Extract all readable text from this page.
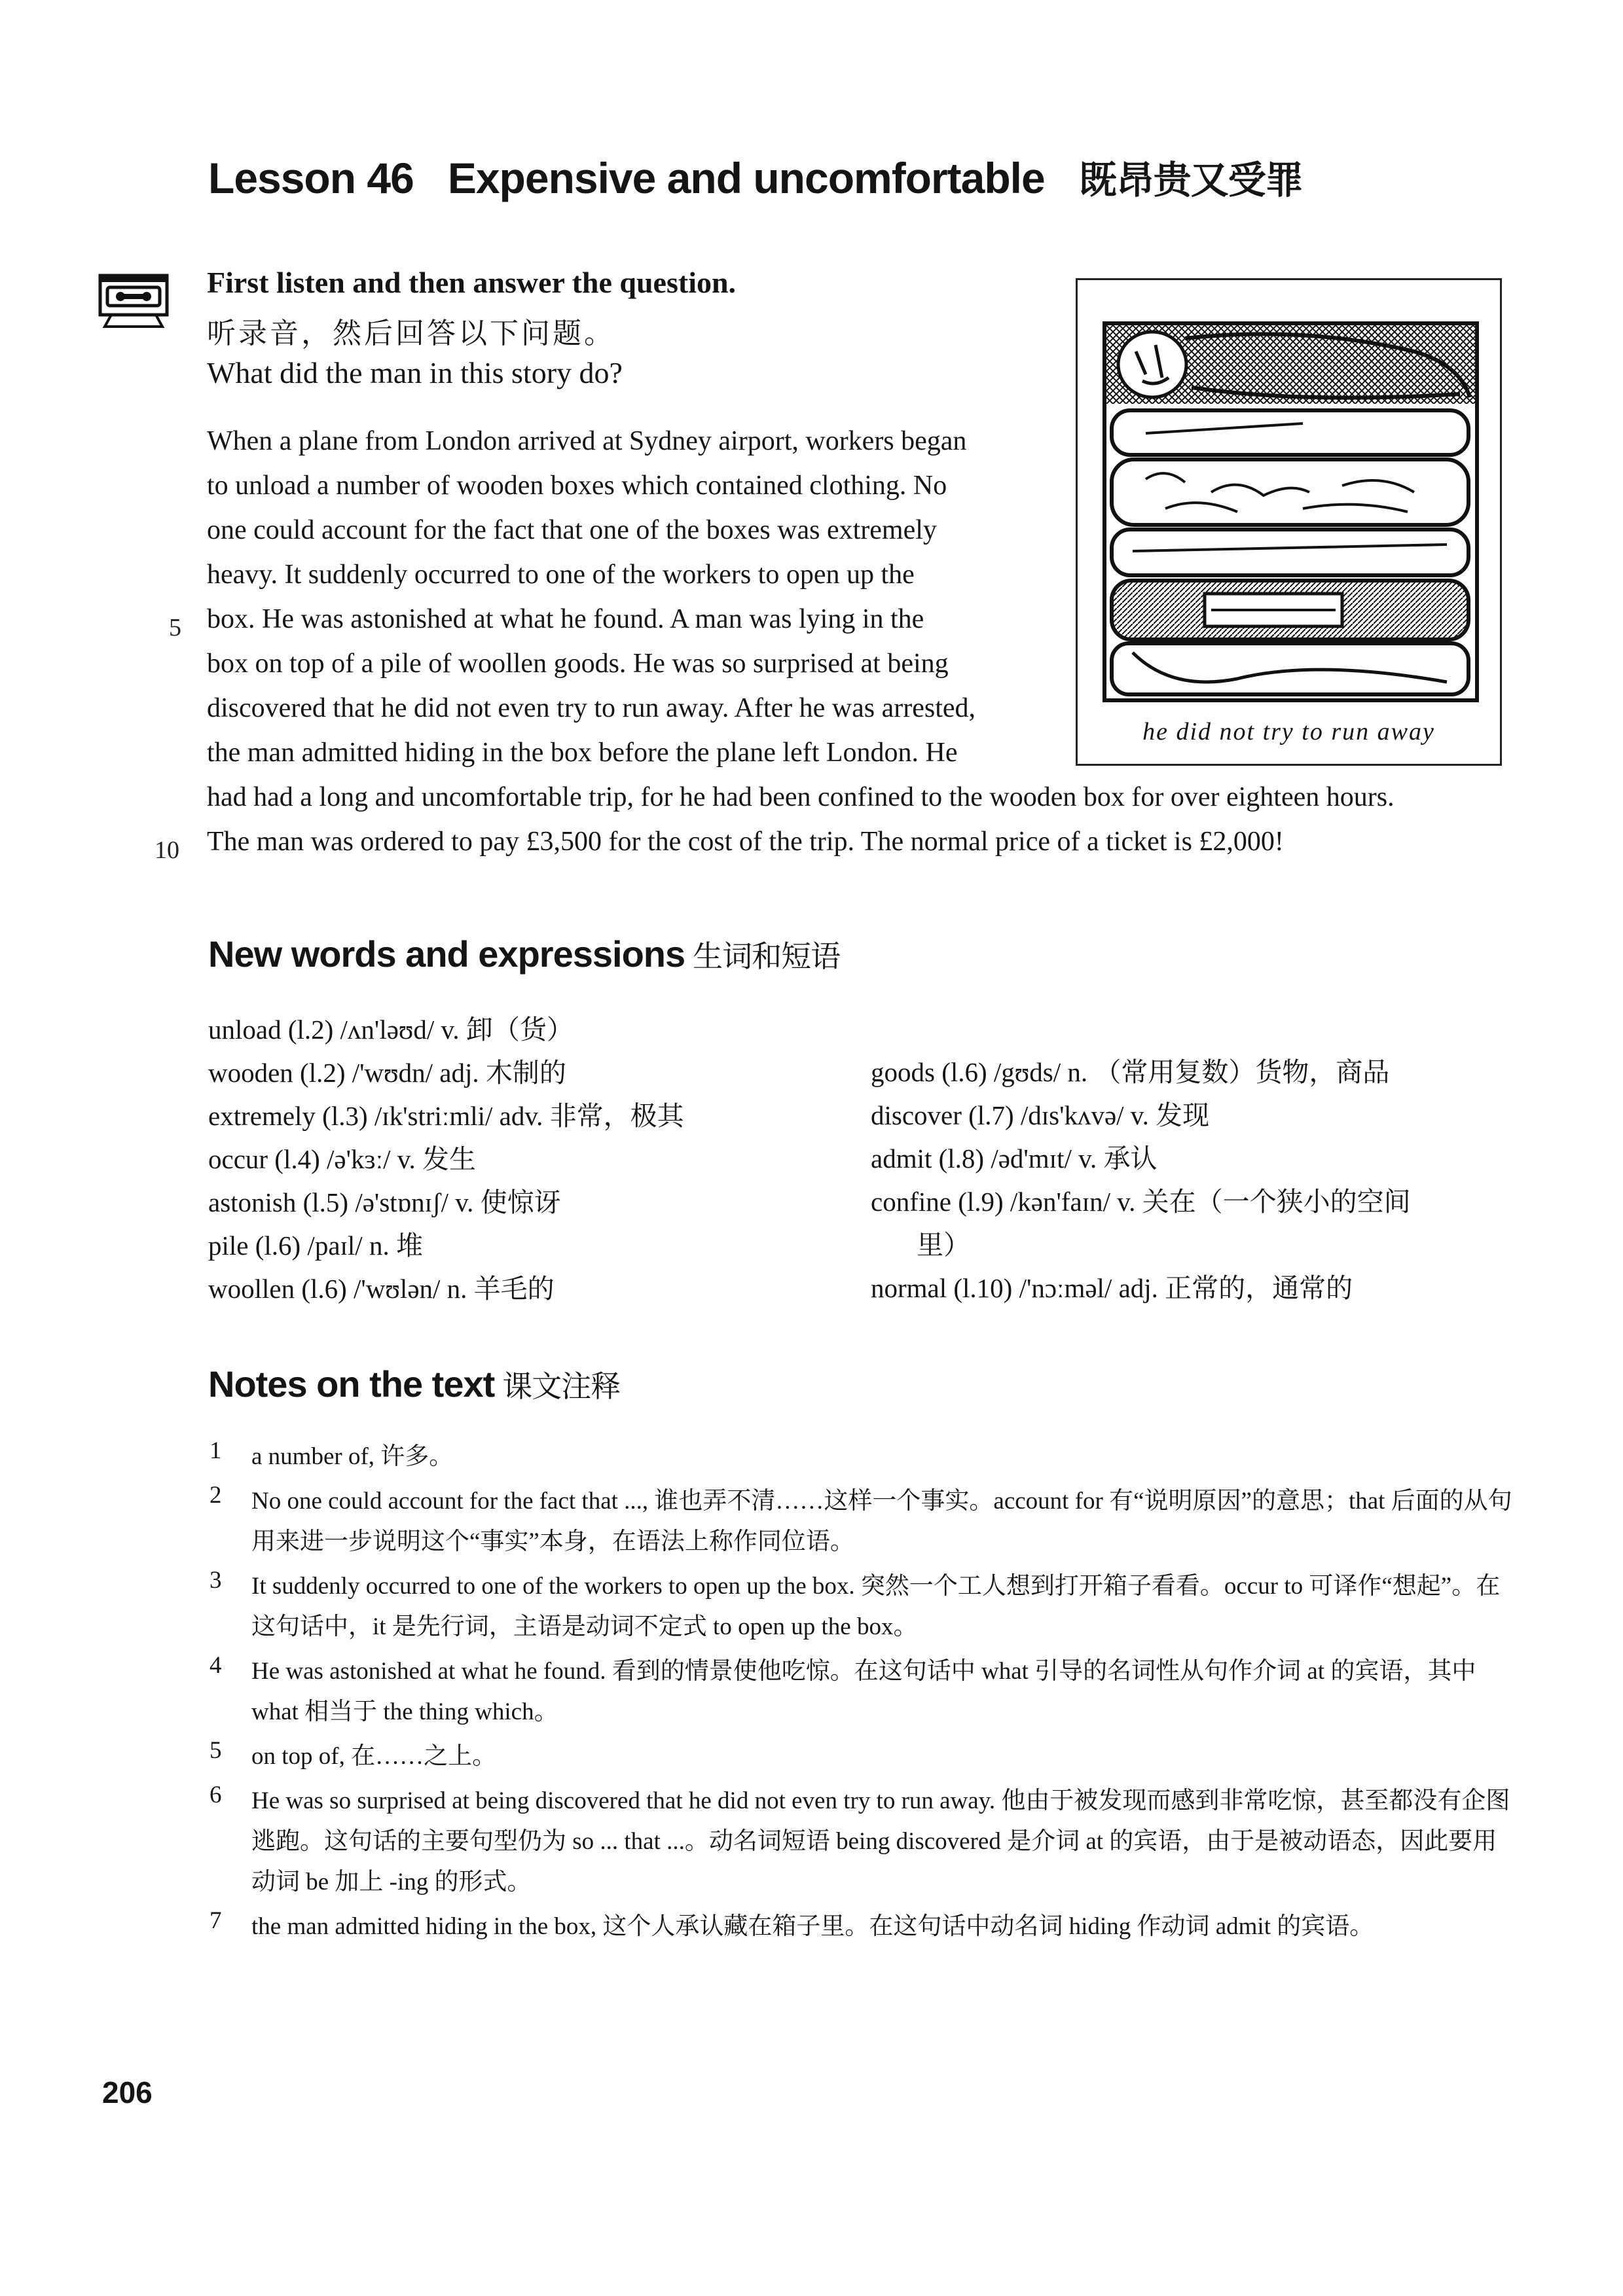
Lesson 46 Expensive and uncomfortable 既昂贵又受罪
First listen and then answer the question.
听录音，然后回答以下问题。
What did the man in this story do?
When a plane from London arrived at Sydney airport, workers began
to unload a number of wooden boxes which contained clothing. No
one could account for the fact that one of the boxes was extremely
heavy. It suddenly occurred to one of the workers to open up the
box. He was astonished at what he found. A man was lying in the
box on top of a pile of woollen goods. He was so surprised at being
discovered that he did not even try to run away. After he was arrested,
the man admitted hiding in the box before the plane left London. He
had had a long and uncomfortable trip, for he had been confined to the wooden box for over eighteen hours.
The man was ordered to pay £3,500 for the cost of the trip. The normal price of a ticket is £2,000!
5
10
he did not try to run away
New words and expressions 生词和短语
unload (l.2) /ʌn'ləʊd/ v. 卸（货）
wooden (l.2) /'wʊdn/ adj. 木制的
extremely (l.3) /ɪk'striːmli/ adv. 非常，极其
occur (l.4) /ə'kɜː/ v. 发生
astonish (l.5) /ə'stɒnɪʃ/ v. 使惊讶
pile (l.6) /paɪl/ n. 堆
woollen (l.6) /'wʊlən/ n. 羊毛的
goods (l.6) /gʊds/ n. （常用复数）货物，商品
discover (l.7) /dɪs'kʌvə/ v. 发现
admit (l.8) /əd'mɪt/ v. 承认
confine (l.9) /kən'faɪn/ v. 关在（一个狭小的空间
里）
normal (l.10) /'nɔːməl/ adj. 正常的，通常的
Notes on the text 课文注释
1 a number of, 许多。
2 No one could account for the fact that ..., 谁也弄不清……这样一个事实。account for 有“说明原因”的意思；that 后面的从句用来进一步说明这个“事实”本身，在语法上称作同位语。
3 It suddenly occurred to one of the workers to open up the box. 突然一个工人想到打开箱子看看。occur to 可译作“想起”。在这句话中，it 是先行词，主语是动词不定式 to open up the box。
4 He was astonished at what he found. 看到的情景使他吃惊。在这句话中 what 引导的名词性从句作介词 at 的宾语，其中 what 相当于 the thing which。
5 on top of, 在……之上。
6 He was so surprised at being discovered that he did not even try to run away. 他由于被发现而感到非常吃惊，甚至都没有企图逃跑。这句话的主要句型仍为 so ... that ...。动名词短语 being discovered 是介词 at 的宾语，由于是被动语态，因此要用动词 be 加上 -ing 的形式。
7 the man admitted hiding in the box, 这个人承认藏在箱子里。在这句话中动名词 hiding 作动词 admit 的宾语。
206
